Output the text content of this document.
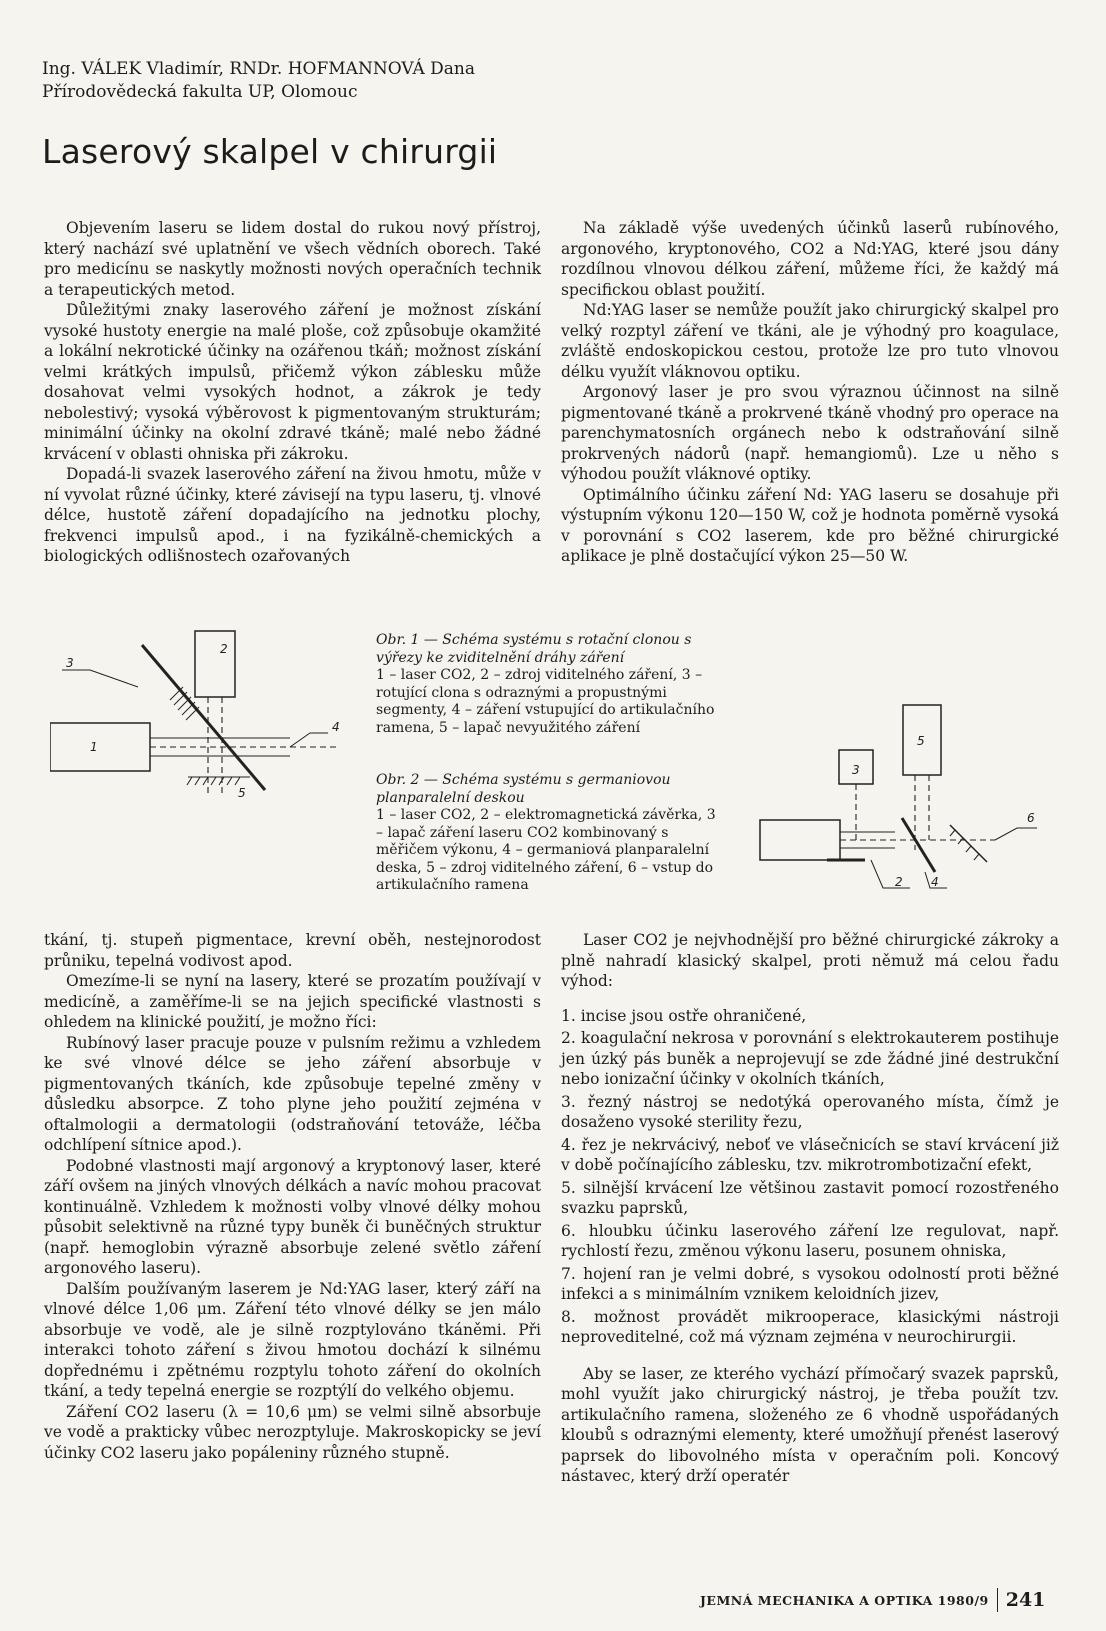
Ing. VÁLEK Vladimír, RNDr. HOFMANNOVÁ Dana
Přírodovědecká fakulta UP, Olomouc
Laserový skalpel v chirurgii

Objevením laseru se lidem dostal do rukou nový přístroj, který nachází své uplatnění ve všech vědních oborech. Také pro medicínu se naskytly možnosti nových operačních technik a terapeutických metod.

Důležitými znaky laserového záření je možnost získání vysoké hustoty energie na malé ploše, což způsobuje okamžité a lokální nekrotické účinky na ozářenou tkáň; možnost získání velmi krátkých impulsů, přičemž výkon záblesku může dosahovat velmi vysokých hodnot, a zákrok je tedy nebolestivý; vysoká výběrovost k pigmentovaným strukturám; minimální účinky na okolní zdravé tkáně; malé nebo žádné krvácení v oblasti ohniska při zákroku.

Dopadá-li svazek laserového záření na živou hmotu, může v ní vyvolat různé účinky, které závisejí na typu laseru, tj. vlnové délce, hustotě záření dopadajícího na jednotku plochy, frekvenci impulsů apod., i na fyzikálně-chemických a biologických odlišnostech ozařovaných

Na základě výše uvedených účinků laserů rubínového, argonového, kryptonového, CO2 a Nd:YAG, které jsou dány rozdílnou vlnovou délkou záření, můžeme říci, že každý má specifickou oblast použití.

Nd:YAG laser se nemůže použít jako chirurgický skalpel pro velký rozptyl záření ve tkáni, ale je výhodný pro koagulace, zvláště endoskopickou cestou, protože lze pro tuto vlnovou délku využít vláknovou optiku.

Argonový laser je pro svou výraznou účinnost na silně pigmentované tkáně a prokrvené tkáně vhodný pro operace na parenchymatosních orgánech nebo k odstraňování silně prokrvených nádorů (např. hemangiomů). Lze u něho s výhodou použít vláknové optiky.

Optimálního účinku záření Nd: YAG laseru se dosahuje při výstupním výkonu 120—150 W, což je hodnota poměrně vysoká v porovnání s CO2 laserem, kde pro běžné chirurgické aplikace je plně dostačující výkon 25—50 W.

2
3
1
4
5
Obr. 1 — Schéma systému s rotační clonou s výřezy ke zviditelnění dráhy záření
1 – laser CO2, 2 – zdroj viditelného záření, 3 – rotující clona s odraznými a propustnými segmenty, 4 – záření vstupující do artikulačního ramena, 5 – lapač nevyužitého záření
Obr. 2 — Schéma systému s germaniovou planparalelní deskou
1 – laser CO2, 2 – elektromagnetická závěrka, 3 – lapač záření laseru CO2 kombinovaný s měřičem výkonu, 4 – germaniová planparalelní deska, 5 – zdroj viditelného záření, 6 – vstup do artikulačního ramena
3
5
6
2 4

tkání, tj. stupeň pigmentace, krevní oběh, nestejnorodost průniku, tepelná vodivost apod.

Omezíme-li se nyní na lasery, které se prozatím používají v medicíně, a zaměříme-li se na jejich specifické vlastnosti s ohledem na klinické použití, je možno říci:

Rubínový laser pracuje pouze v pulsním režimu a vzhledem ke své vlnové délce se jeho záření absorbuje v pigmentovaných tkáních, kde způsobuje tepelné změny v důsledku absorpce. Z toho plyne jeho použití zejména v oftalmologii a dermatologii (odstraňování tetováže, léčba odchlípení sítnice apod.).

Podobné vlastnosti mají argonový a kryptonový laser, které září ovšem na jiných vlnových délkách a navíc mohou pracovat kontinuálně. Vzhledem k možnosti volby vlnové délky mohou působit selektivně na různé typy buněk či buněčných struktur (např. hemoglobin výrazně absorbuje zelené světlo záření argonového laseru).

Dalším používaným laserem je Nd:YAG laser, který září na vlnové délce 1,06 μm. Záření této vlnové délky se jen málo absorbuje ve vodě, ale je silně rozptylováno tkáněmi. Při interakci tohoto záření s živou hmotou dochází k silnému dopřednému i zpětnému rozptylu tohoto záření do okolních tkání, a tedy tepelná energie se rozptýlí do velkého objemu.

Záření CO2 laseru (λ = 10,6 μm) se velmi silně absorbuje ve vodě a prakticky vůbec nerozptyluje. Makroskopicky se jeví účinky CO2 laseru jako popáleniny různého stupně.

Laser CO2 je nejvhodnější pro běžné chirurgické zákroky a plně nahradí klasický skalpel, proti němuž má celou řadu výhod:

1. incise jsou ostře ohraničené,
2. koagulační nekrosa v porovnání s elektrokauterem postihuje jen úzký pás buněk a neprojevují se zde žádné jiné destrukční nebo ionizační účinky v okolních tkáních,
3. řezný nástroj se nedotýká operovaného místa, čímž je dosaženo vysoké sterility řezu,
4. řez je nekrvácivý, neboť ve vlásečnicích se staví krvácení již v době počínajícího záblesku, tzv. mikrotrombotizační efekt,
5. silnější krvácení lze většinou zastavit pomocí rozostřeného svazku paprsků,
6. hloubku účinku laserového záření lze regulovat, např. rychlostí řezu, změnou výkonu laseru, posunem ohniska,
7. hojení ran je velmi dobré, s vysokou odolností proti běžné infekci a s minimálním vznikem keloidních jizev,
8. možnost provádět mikrooperace, klasickými nástroji neproveditelné, což má význam zejména v neurochirurgii.

Aby se laser, ze kterého vychází přímočarý svazek paprsků, mohl využít jako chirurgický nástroj, je třeba použít tzv. artikulačního ramena, složeného ze 6 vhodně uspořádaných kloubů s odraznými elementy, které umožňují přenést laserový paprsek do libovolného místa v operačním poli. Koncový nástavec, který drží operatér

JEMNÁ MECHANIKA A OPTIKA 1980/9 241
